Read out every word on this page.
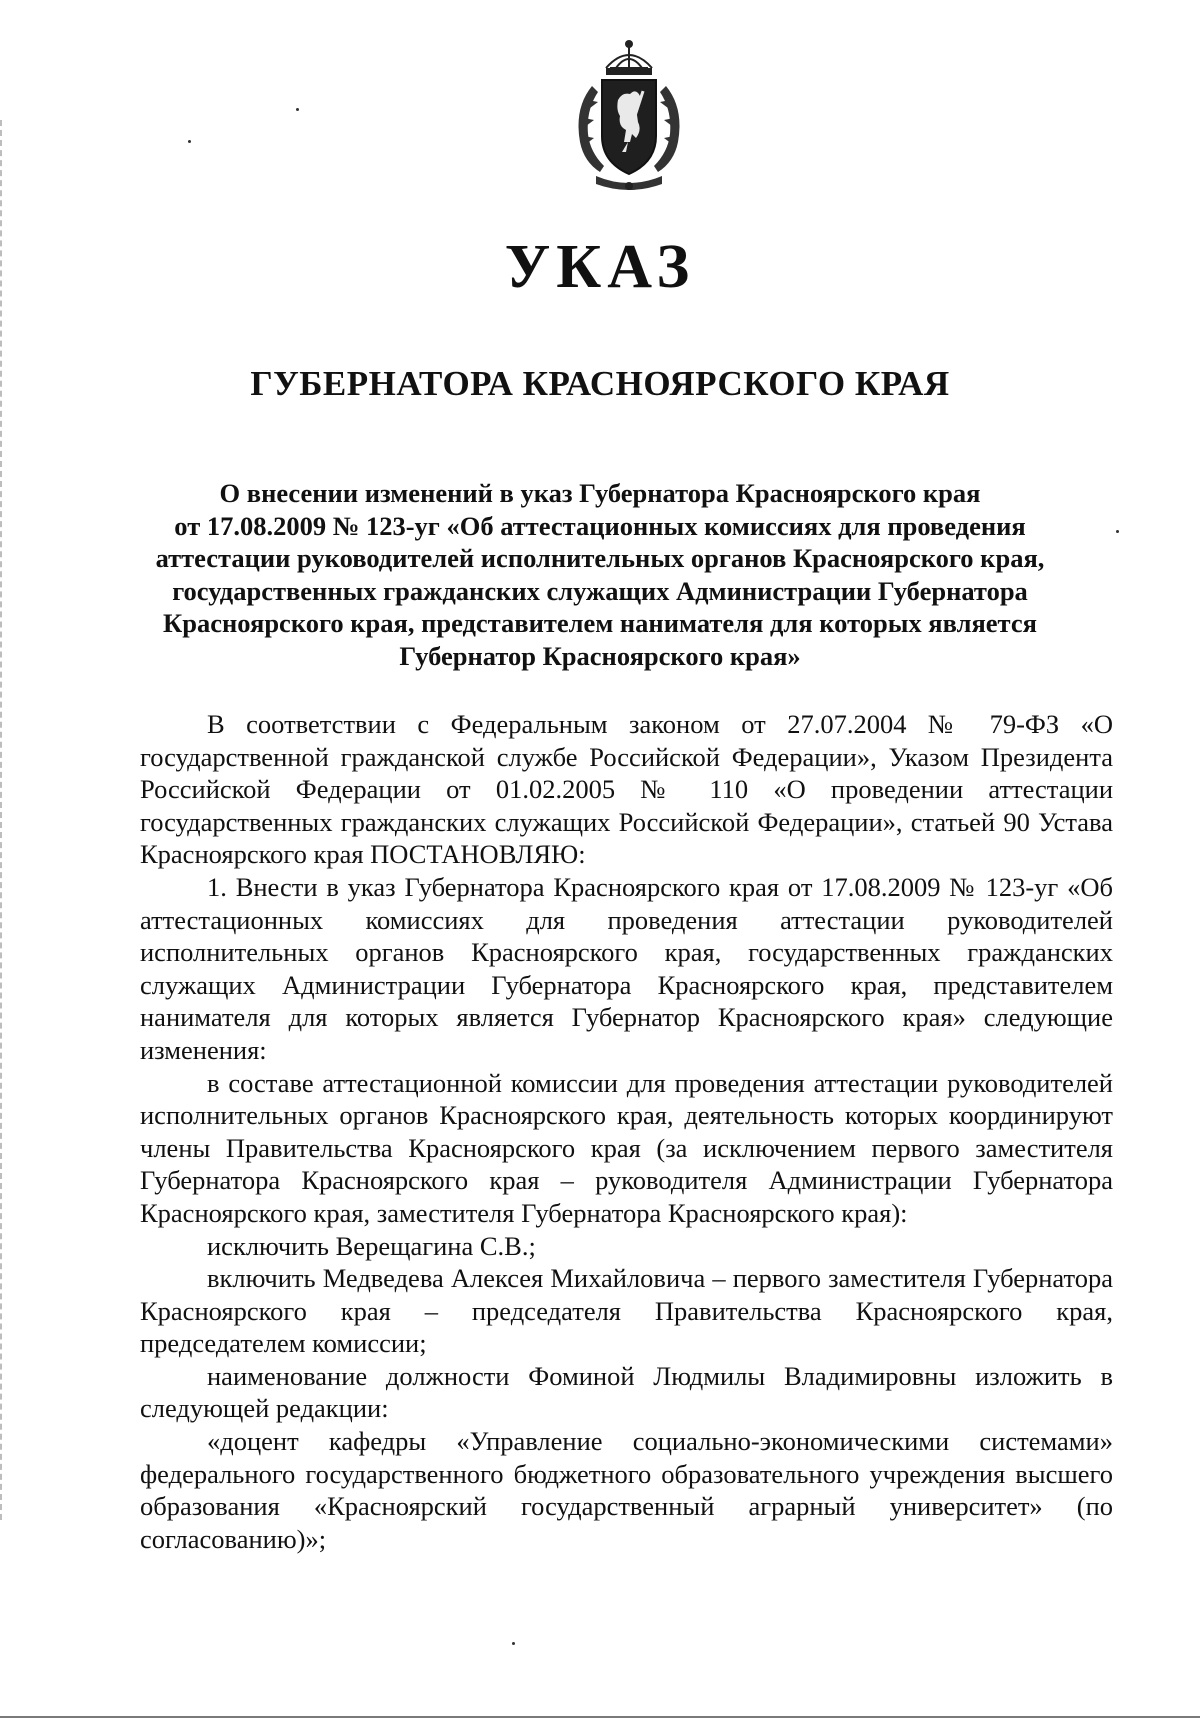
УКАЗ
ГУБЕРНАТОРА КРАСНОЯРСКОГО КРАЯ
О внесении изменений в указ Губернатора Красноярского края
от 17.08.2009 № 123-уг «Об аттестационных комиссиях для проведения
аттестации руководителей исполнительных органов Красноярского края,
государственных гражданских служащих Администрации Губернатора
Красноярского края, представителем нанимателя для которых является
Губернатор Красноярского края»

В соответствии с Федеральным законом от 27.07.2004 № 79-ФЗ «О государственной гражданской службе Российской Федерации», Указом Президента Российской Федерации от 01.02.2005 № 110 «О проведении аттестации государственных гражданских служащих Российской Федерации», статьей 90 Устава Красноярского края ПОСТАНОВЛЯЮ:

1. Внести в указ Губернатора Красноярского края от 17.08.2009 № 123-уг «Об аттестационных комиссиях для проведения аттестации руководителей исполнительных органов Красноярского края, государственных гражданских служащих Администрации Губернатора Красноярского края, представителем нанимателя для которых является Губернатор Красноярского края» следующие изменения:

в составе аттестационной комиссии для проведения аттестации руководителей исполнительных органов Красноярского края, деятельность которых координируют члены Правительства Красноярского края (за исключением первого заместителя Губернатора Красноярского края – руководителя Администрации Губернатора Красноярского края, заместителя Губернатора Красноярского края):

исключить Верещагина С.В.;

включить Медведева Алексея Михайловича – первого заместителя Губернатора Красноярского края – председателя Правительства Красноярского края, председателем комиссии;

наименование должности Фоминой Людмилы Владимировны изложить в следующей редакции:

«доцент кафедры «Управление социально-экономическими системами» федерального государственного бюджетного образовательного учреждения высшего образования «Красноярский государственный аграрный университет» (по согласованию)»;
